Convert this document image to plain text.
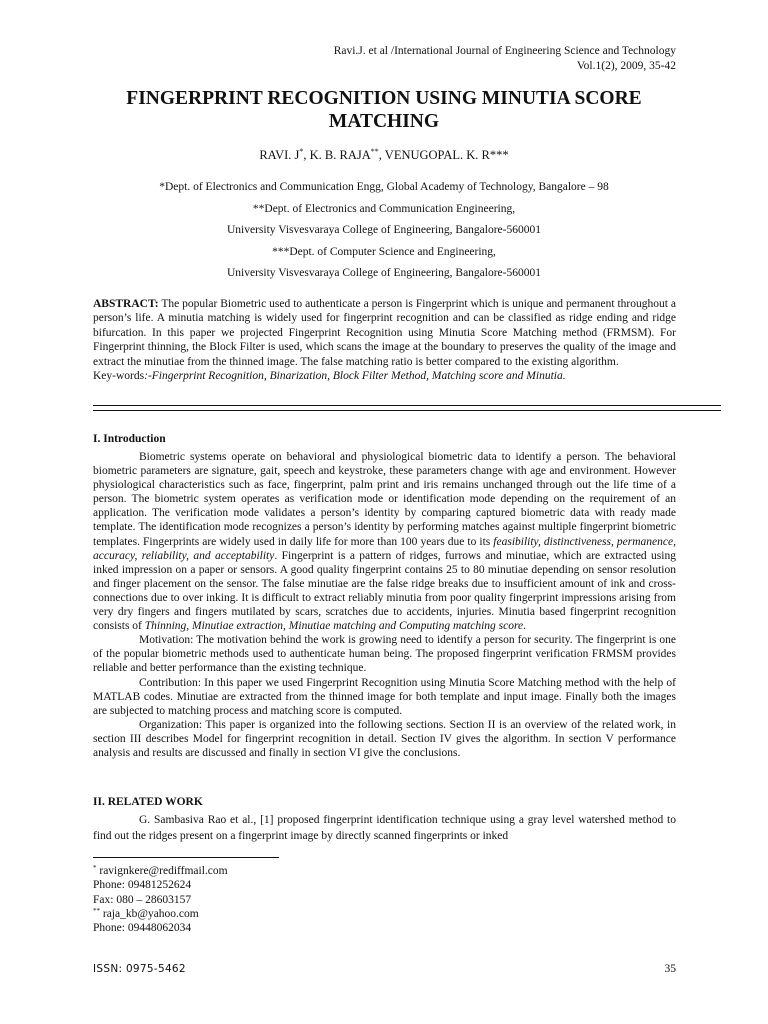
Ravi.J. et al /International Journal of Engineering Science and Technology
Vol.1(2), 2009, 35-42
FINGERPRINT RECOGNITION USING MINUTIA SCORE
MATCHING
RAVI. J*, K. B. RAJA**, VENUGOPAL. K. R***
*Dept. of Electronics and Communication Engg, Global Academy of Technology, Bangalore – 98
**Dept. of Electronics and Communication Engineering,
University Visvesvaraya College of Engineering, Bangalore-560001
***Dept. of Computer Science and Engineering,
University Visvesvaraya College of Engineering, Bangalore-560001

ABSTRACT: The popular Biometric used to authenticate a person is Fingerprint which is unique and permanent throughout a person’s life. A minutia matching is widely used for fingerprint recognition and can be classified as ridge ending and ridge bifurcation. In this paper we projected Fingerprint Recognition using Minutia Score Matching method (FRMSM). For Fingerprint thinning, the Block Filter is used, which scans the image at the boundary to preserves the quality of the image and extract the minutiae from the thinned image. The false matching ratio is better compared to the existing algorithm.

Key-words:-Fingerprint Recognition, Binarization, Block Filter Method, Matching score and Minutia.

I. Introduction

Biometric systems operate on behavioral and physiological biometric data to identify a person. The behavioral biometric parameters are signature, gait, speech and keystroke, these parameters change with age and environment. However physiological characteristics such as face, fingerprint, palm print and iris remains unchanged through out the life time of a person. The biometric system operates as verification mode or identification mode depending on the requirement of an application. The verification mode validates a person’s identity by comparing captured biometric data with ready made template. The identification mode recognizes a person’s identity by performing matches against multiple fingerprint biometric templates. Fingerprints are widely used in daily life for more than 100 years due to its feasibility, distinctiveness, permanence, accuracy, reliability, and acceptability. Fingerprint is a pattern of ridges, furrows and minutiae, which are extracted using inked impression on a paper or sensors. A good quality fingerprint contains 25 to 80 minutiae depending on sensor resolution and finger placement on the sensor. The false minutiae are the false ridge breaks due to insufficient amount of ink and cross-connections due to over inking. It is difficult to extract reliably minutia from poor quality fingerprint impressions arising from very dry fingers and fingers mutilated by scars, scratches due to accidents, injuries. Minutia based fingerprint recognition consists of Thinning, Minutiae extraction, Minutiae matching and Computing matching score.

Motivation: The motivation behind the work is growing need to identify a person for security. The fingerprint is one of the popular biometric methods used to authenticate human being. The proposed fingerprint verification FRMSM provides reliable and better performance than the existing technique.

Contribution: In this paper we used Fingerprint Recognition using Minutia Score Matching method with the help of MATLAB codes. Minutiae are extracted from the thinned image for both template and input image. Finally both the images are subjected to matching process and matching score is computed.

Organization: This paper is organized into the following sections. Section II is an overview of the related work, in section III describes Model for fingerprint recognition in detail. Section IV gives the algorithm. In section V performance analysis and results are discussed and finally in section VI give the conclusions.

II. RELATED WORK

G. Sambasiva Rao et al., [1] proposed fingerprint identification technique using a gray level watershed method to find out the ridges present on a fingerprint image by directly scanned fingerprints or inked

* ravignkere@rediffmail.com
Phone: 09481252624
Fax: 080 – 28603157
** raja_kb@yahoo.com
Phone: 09448062034
ISSN: 0975-5462	35
